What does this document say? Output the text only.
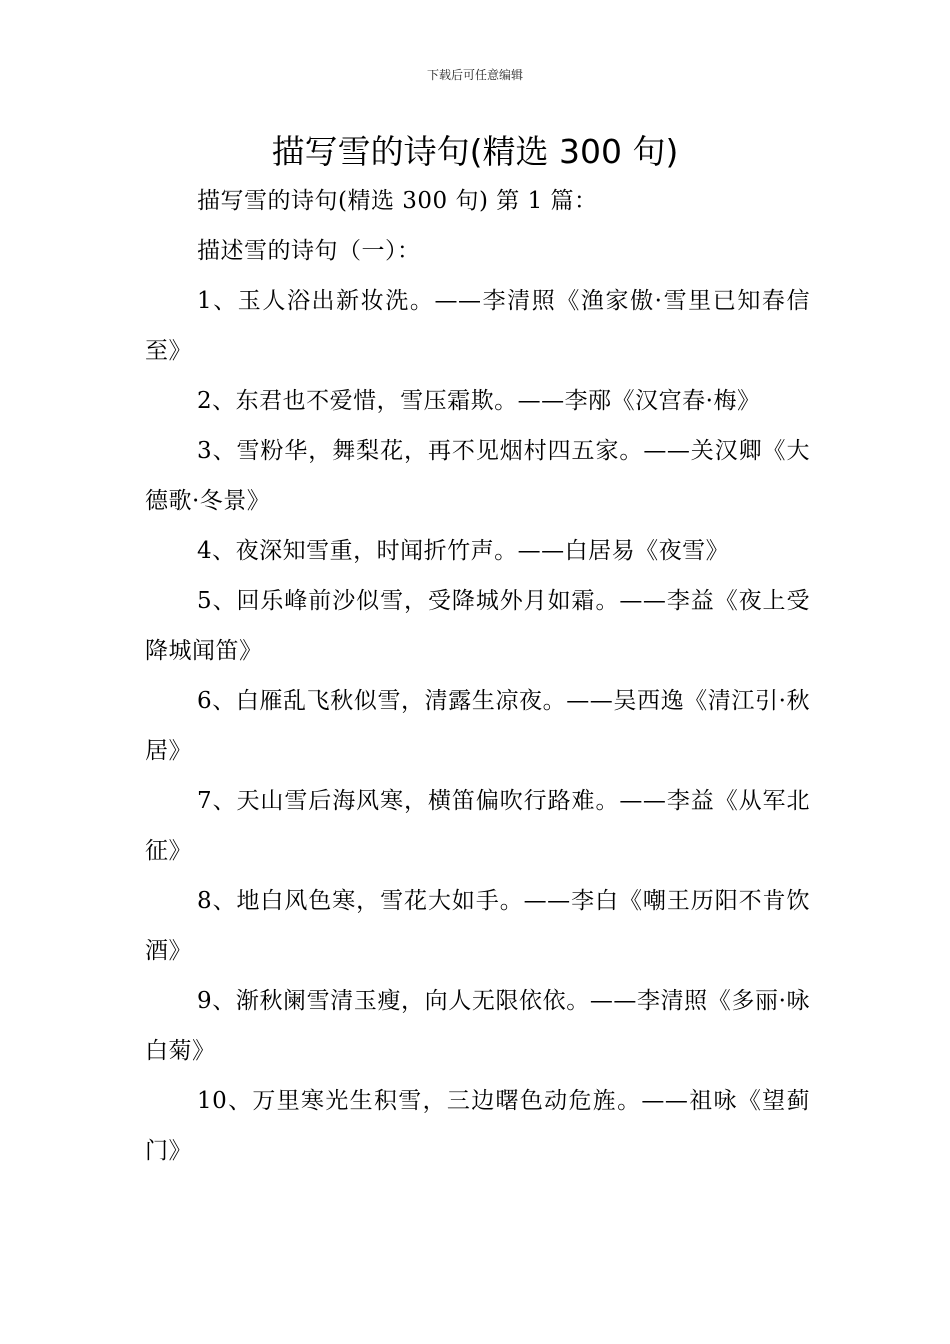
下载后可任意编辑
描写雪的诗句(精选 300 句)

描写雪的诗句(精选 300 句) 第 1 篇：

描述雪的诗句（一）：

1、玉人浴出新妆洗。——李清照《渔家傲·雪里已知春信至》

2、东君也不爱惜，雪压霜欺。——李邴《汉宫春·梅》

3、雪粉华，舞梨花，再不见烟村四五家。——关汉卿《大德歌·冬景》

4、夜深知雪重，时闻折竹声。——白居易《夜雪》

5、回乐峰前沙似雪，受降城外月如霜。——李益《夜上受降城闻笛》

6、白雁乱飞秋似雪，清露生凉夜。——吴西逸《清江引·秋居》

7、天山雪后海风寒，横笛偏吹行路难。——李益《从军北征》

8、地白风色寒，雪花大如手。——李白《嘲王历阳不肯饮酒》

9、渐秋阑雪清玉瘦，向人无限依依。——李清照《多丽·咏白菊》

10、万里寒光生积雪，三边曙色动危旌。——祖咏《望蓟门》
